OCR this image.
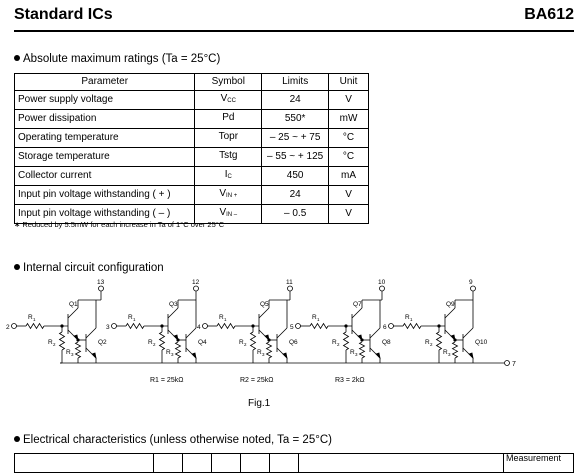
Standard ICs	BA612
Absolute maximum ratings (Ta = 25°C)
Parameter	Symbol	Limits	Unit
Power supply voltage	VCC	24	V
Power dissipation	Pd	550*	mW
Operating temperature	Topr	– 25 ~ + 75	°C
Storage temperature	Tstg	– 55 ~ + 125	°C
Collector current	IC	450	mA
Input pin voltage withstanding ( + )	VIN +	24	V
Input pin voltage withstanding ( – )	VIN –	– 0.5	V
∗ Reduced by 5.5mW for each increase in Ta of 1°C over 25°C
Internal circuit configuration
2
R 1
R 2
Q1
R 3
Q2
13
3
R 1
R 2
Q3
R 3
Q4
12
4
R 1
R 2
Q5
R 3
Q6
11
5
R 1
R 2
Q7
R 3
Q8
10
6
R 1
R 2
Q9
R 3
Q10
9
7
R1 = 25kΩ	R2 = 25kΩ	R3 = 2kΩ
Fig.1
Electrical characteristics (unless otherwise noted, Ta = 25°C)

Measurement
